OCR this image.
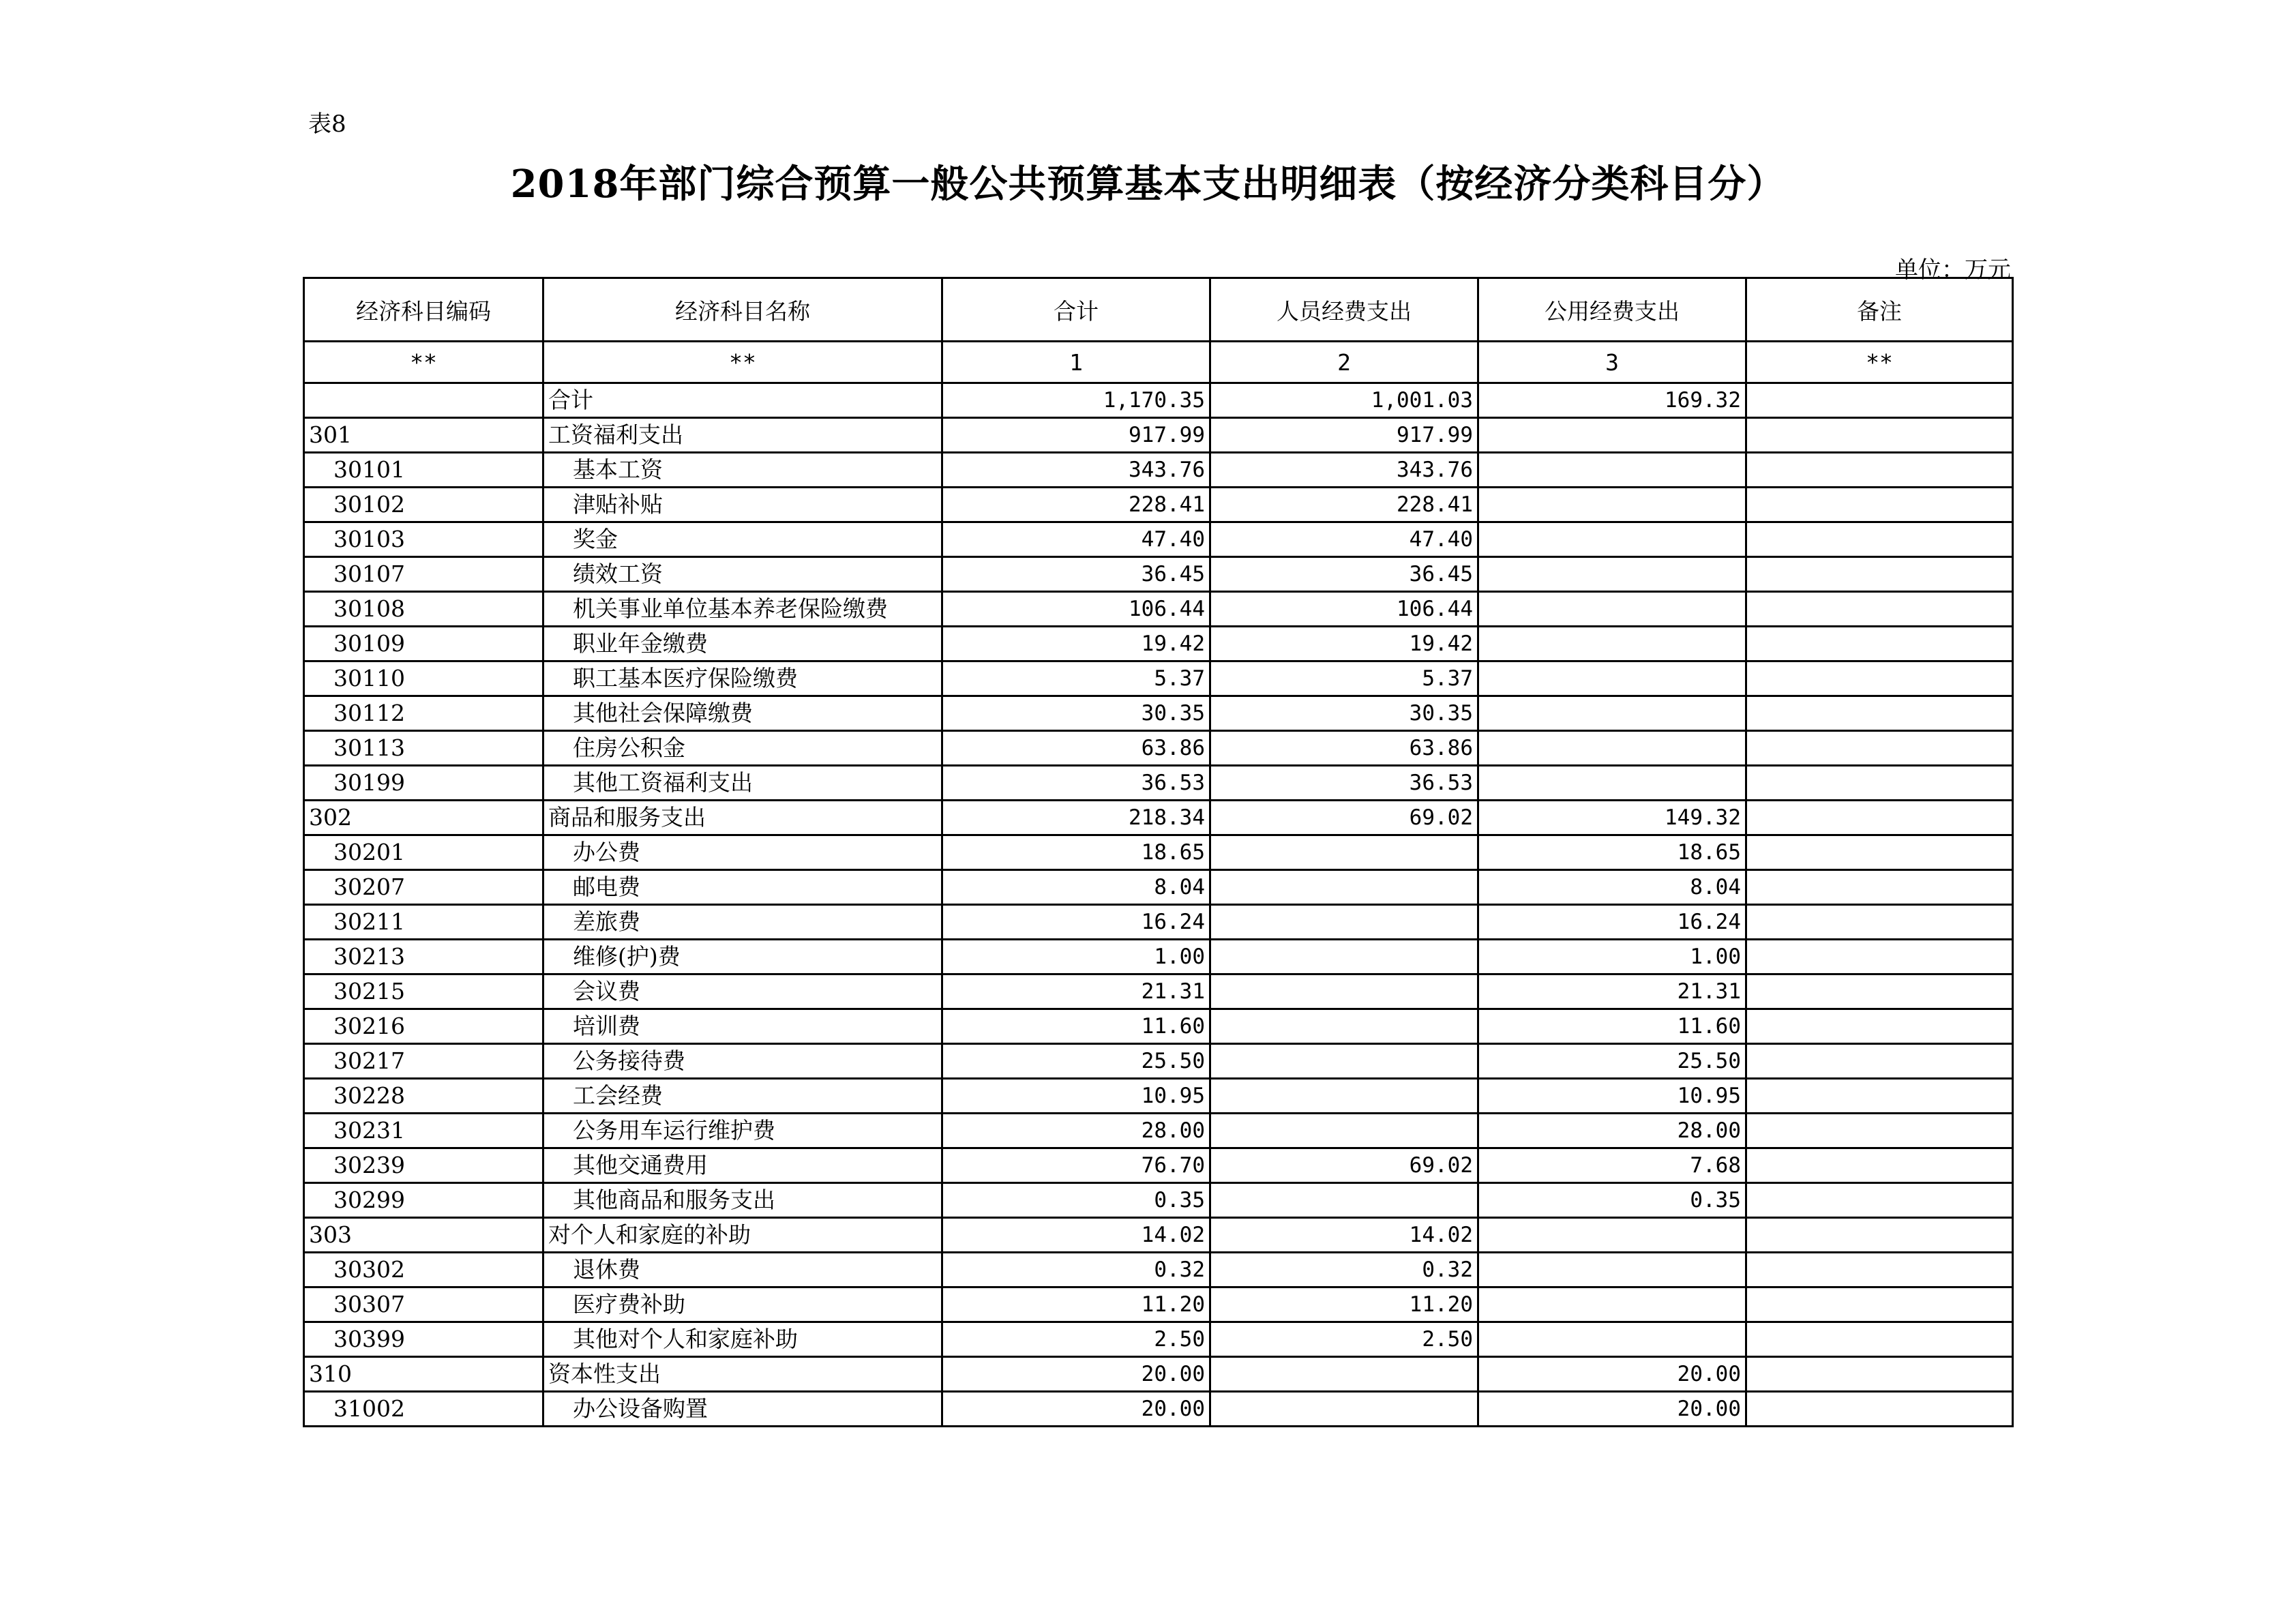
表8
2018年部门综合预算一般公共预算基本支出明细表（按经济分类科目分）
单位：万元
经济科目编码	经济科目名称	合计	人员经费支出	公用经费支出	备注
**	**	1	2	3	**
	合计	1,170.35	1,001.03	169.32	
301	工资福利支出	917.99	917.99		
30101	基本工资	343.76	343.76		
30102	津贴补贴	228.41	228.41		
30103	奖金	47.40	47.40		
30107	绩效工资	36.45	36.45		
30108	机关事业单位基本养老保险缴费	106.44	106.44		
30109	职业年金缴费	19.42	19.42		
30110	职工基本医疗保险缴费	5.37	5.37		
30112	其他社会保障缴费	30.35	30.35		
30113	住房公积金	63.86	63.86		
30199	其他工资福利支出	36.53	36.53		
302	商品和服务支出	218.34	69.02	149.32	
30201	办公费	18.65		18.65	
30207	邮电费	8.04		8.04	
30211	差旅费	16.24		16.24	
30213	维修(护)费	1.00		1.00	
30215	会议费	21.31		21.31	
30216	培训费	11.60		11.60	
30217	公务接待费	25.50		25.50	
30228	工会经费	10.95		10.95	
30231	公务用车运行维护费	28.00		28.00	
30239	其他交通费用	76.70	69.02	7.68	
30299	其他商品和服务支出	0.35		0.35	
303	对个人和家庭的补助	14.02	14.02		
30302	退休费	0.32	0.32		
30307	医疗费补助	11.20	11.20		
30399	其他对个人和家庭补助	2.50	2.50		
310	资本性支出	20.00		20.00	
31002	办公设备购置	20.00		20.00	
